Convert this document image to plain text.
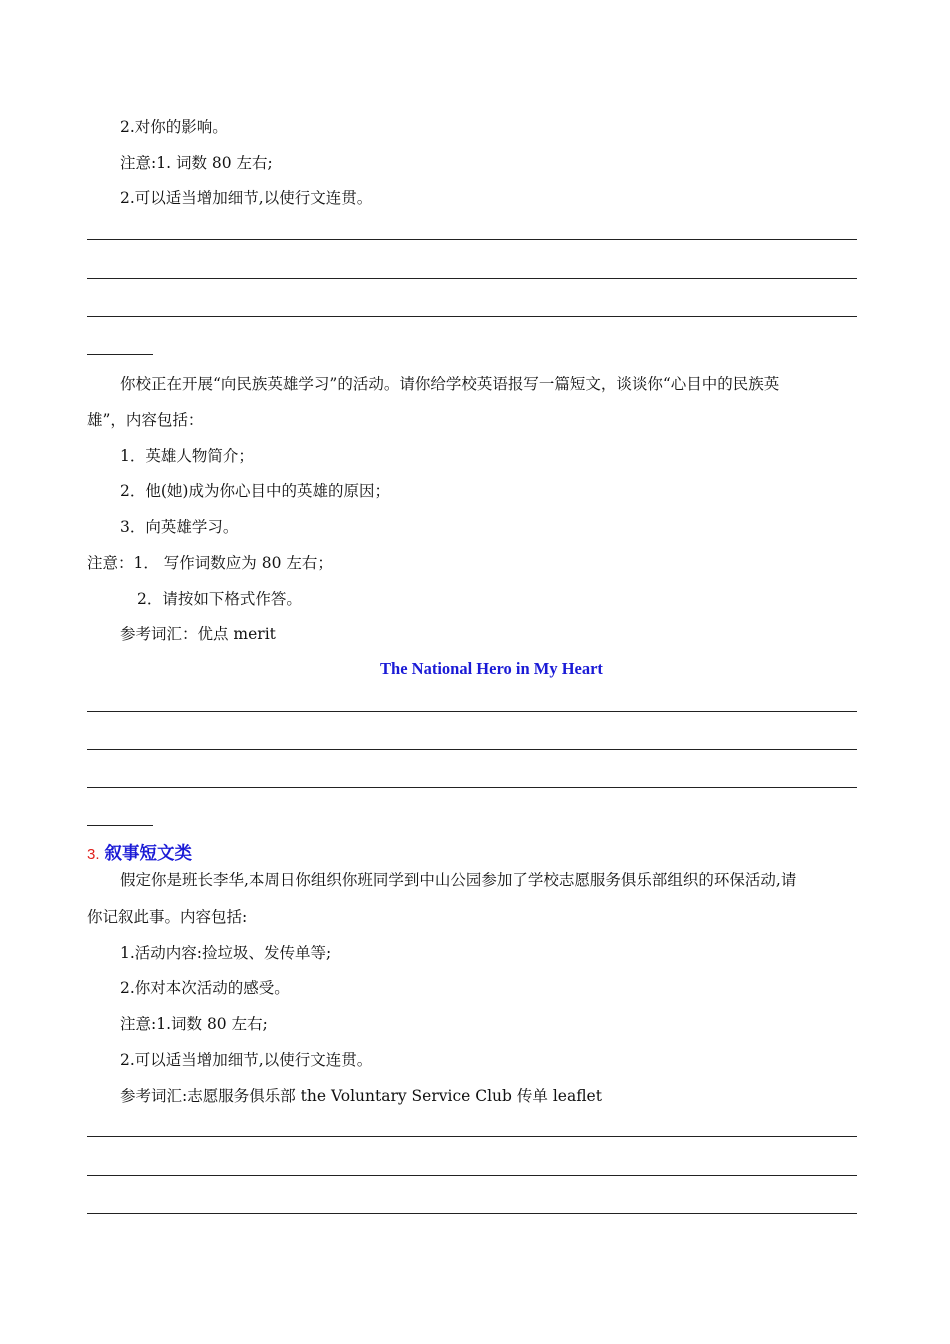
2.对你的影响。
注意:1. 词数 80 左右;
2.可以适当增加细节,以使行文连贯。
你校正在开展“向民族英雄学习”的活动。请你给学校英语报写一篇短文，谈谈你“心目中的民族英
雄”，内容包括：
1．英雄人物简介；
2．他(她)成为你心目中的英雄的原因；
3．向英雄学习。
注意：1． 写作词数应为 80 左右；
2．请按如下格式作答。
参考词汇：优点 merit
The National Hero in My Heart
3. 叙事短文类
假定你是班长李华,本周日你组织你班同学到中山公园参加了学校志愿服务俱乐部组织的环保活动,请
你记叙此事。内容包括:
1.活动内容:捡垃圾、发传单等;
2.你对本次活动的感受。
注意:1.词数 80 左右;
2.可以适当增加细节,以使行文连贯。
参考词汇:志愿服务俱乐部 the Voluntary Service Club 传单 leaflet
